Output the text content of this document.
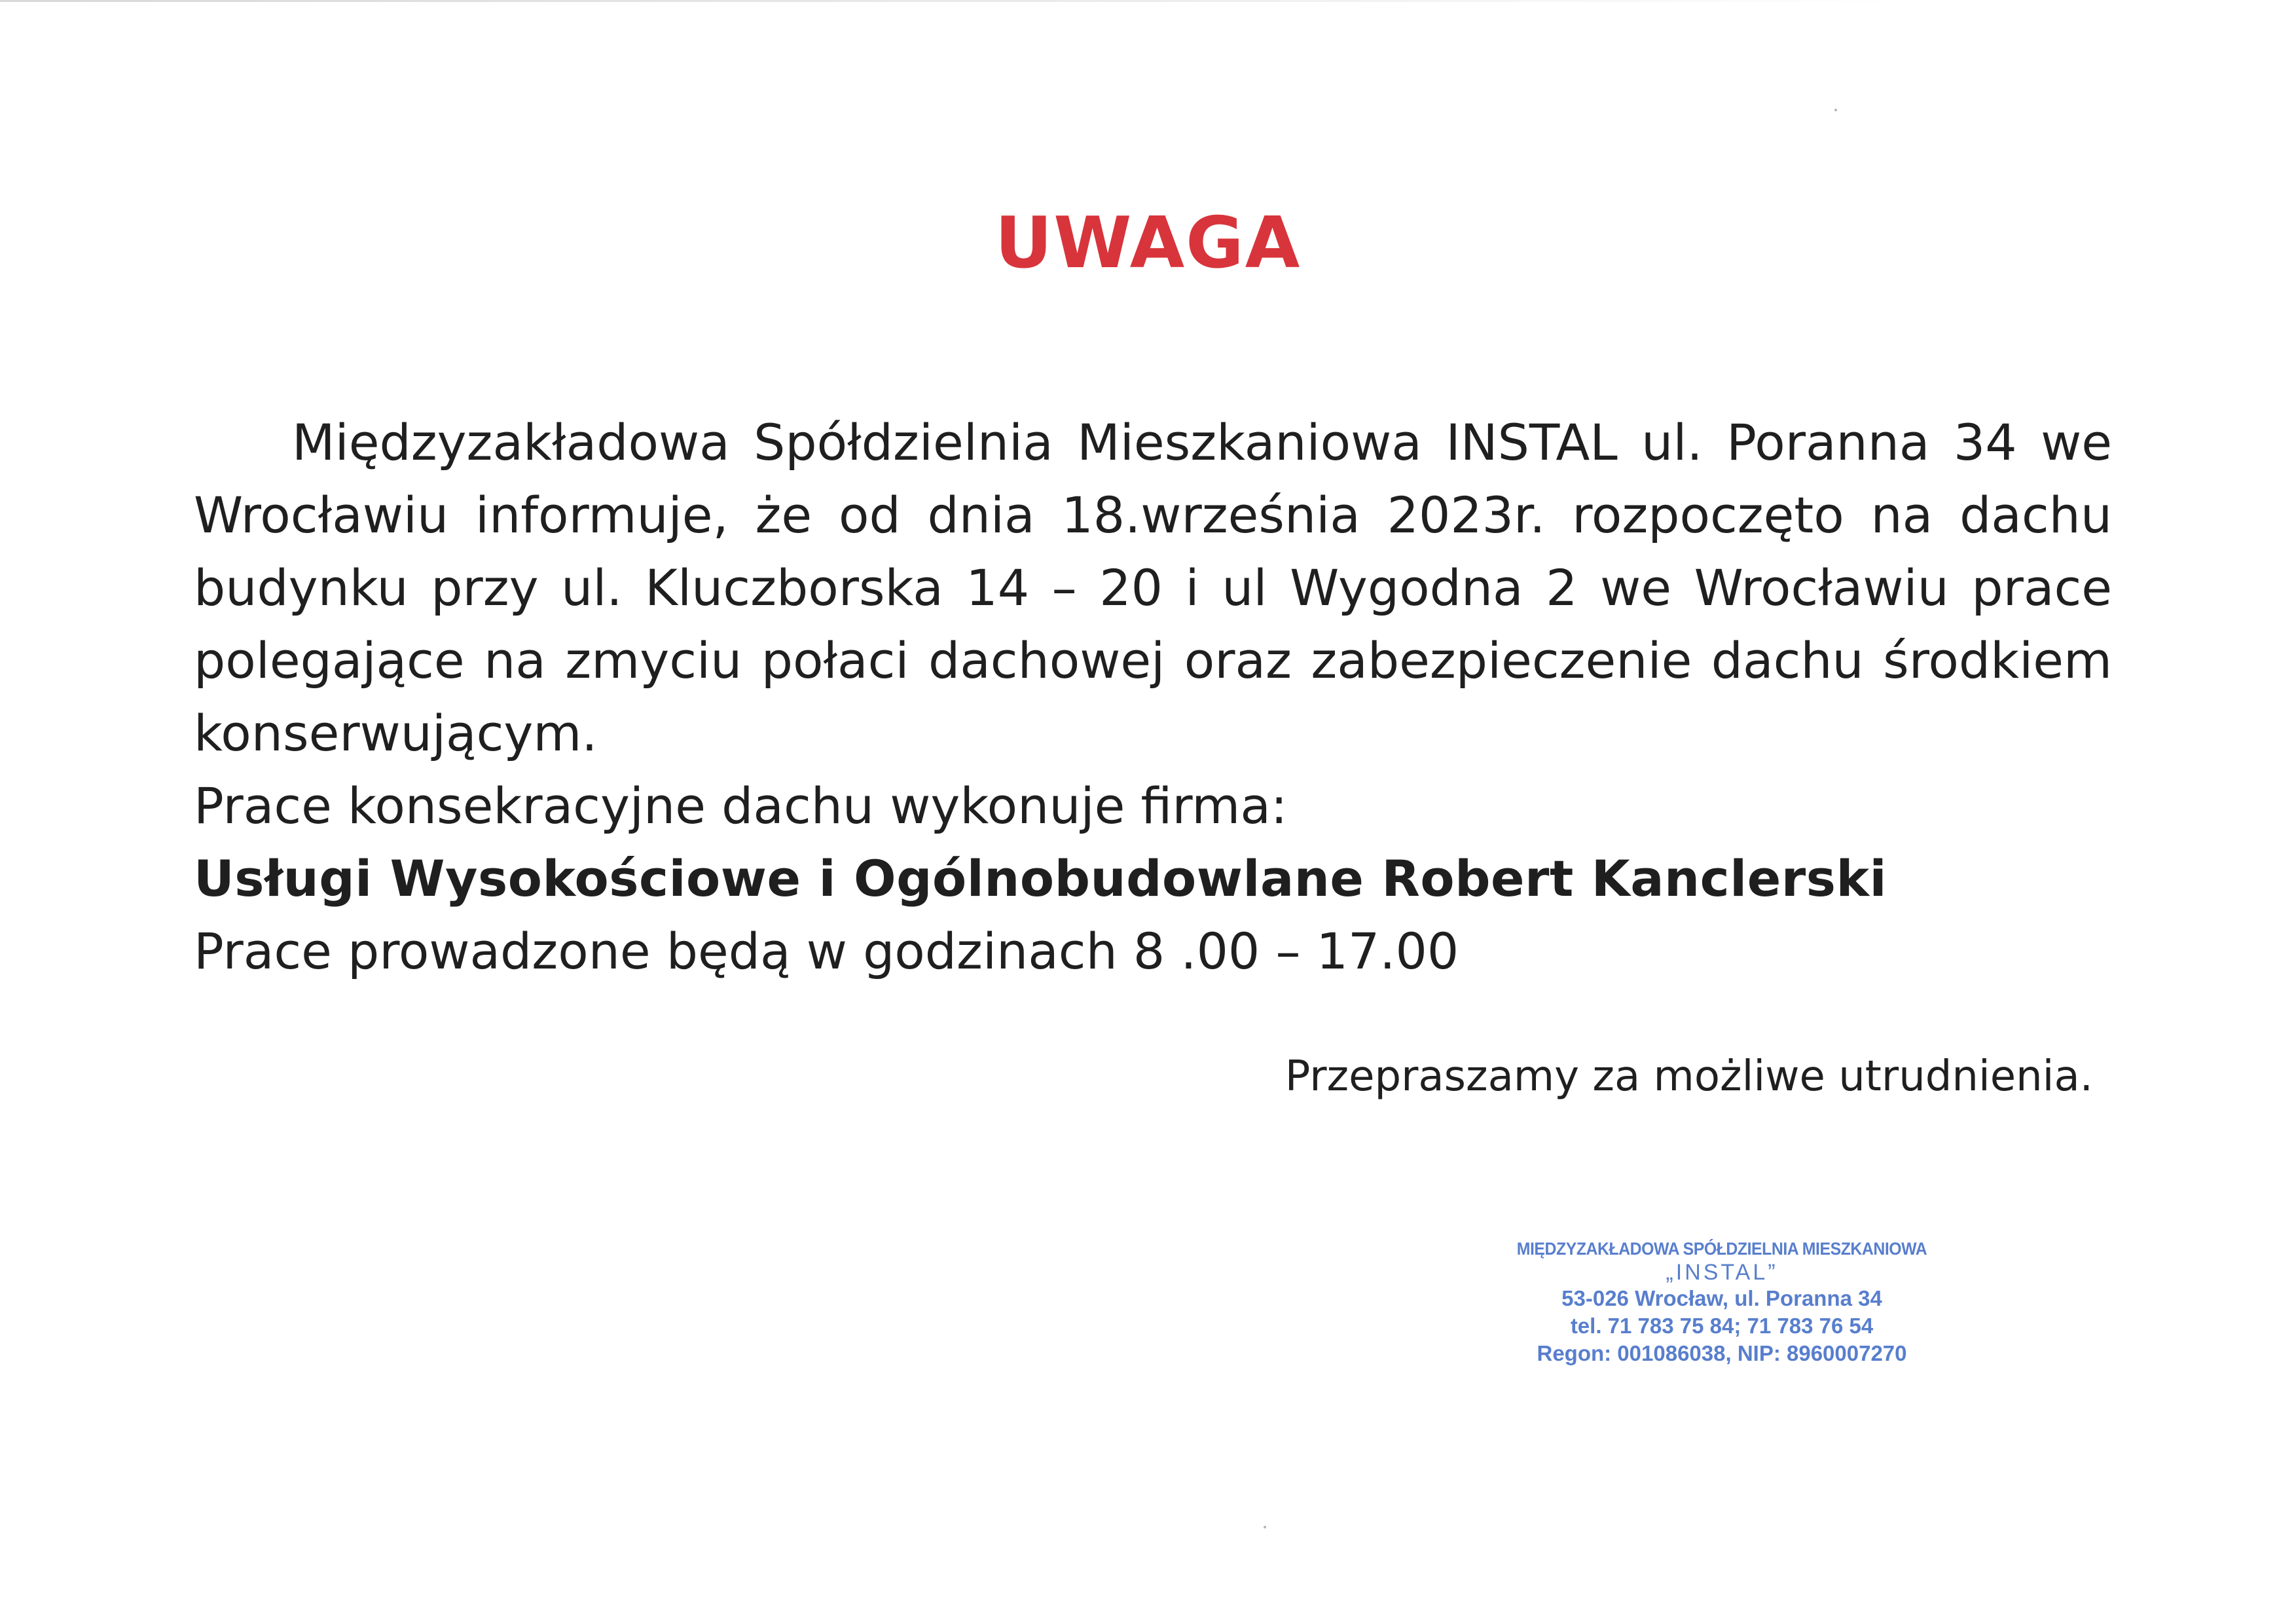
UWAGA

Międzyzakładowa Spółdzielnia Mieszkaniowa INSTAL ul. Poranna 34 we Wrocławiu informuje, że od dnia 18.września 2023r. rozpoczęto na dachu budynku przy ul. Kluczborska 14 – 20 i ul Wygodna 2 we Wrocławiu prace polegające na zmyciu połaci dachowej oraz zabezpieczenie dachu środkiem konserwującym.

Prace konsekracyjne dachu wykonuje firma:

Usługi Wysokościowe i Ogólnobudowlane Robert Kanclerski

Prace prowadzone będą w godzinach 8 .00 – 17.00

Przepraszamy za możliwe utrudnienia.

MIĘDZYZAKŁADOWA SPÓŁDZIELNIA MIESZKANIOWA

„INSTAL”

53-026 Wrocław, ul. Poranna 34

tel. 71 783 75 84; 71 783 76 54

Regon: 001086038, NIP: 8960007270
